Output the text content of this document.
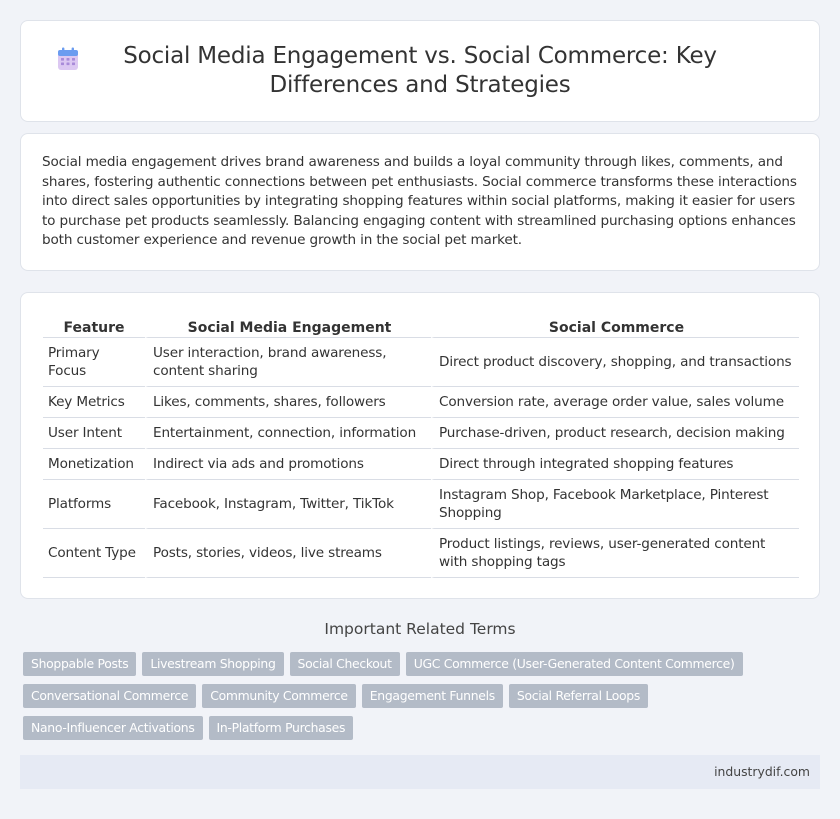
Social Media Engagement vs. Social Commerce: Key Differences and Strategies

Social media engagement drives brand awareness and builds a loyal community through likes, comments, and shares, fostering authentic connections between pet enthusiasts. Social commerce transforms these interactions into direct sales opportunities by integrating shopping features within social platforms, making it easier for users to purchase pet products seamlessly. Balancing engaging content with streamlined purchasing options enhances both customer experience and revenue growth in the social pet market.

Feature	Social Media Engagement	Social Commerce
Primary Focus	User interaction, brand awareness, content sharing	Direct product discovery, shopping, and transactions
Key Metrics	Likes, comments, shares, followers	Conversion rate, average order value, sales volume
User Intent	Entertainment, connection, information	Purchase-driven, product research, decision making
Monetization	Indirect via ads and promotions	Direct through integrated shopping features
Platforms	Facebook, Instagram, Twitter, TikTok	Instagram Shop, Facebook Marketplace, Pinterest Shopping
Content Type	Posts, stories, videos, live streams	Product listings, reviews, user-generated content with shopping tags
Important Related Terms
Shoppable Posts	Livestream Shopping	Social Checkout	UGC Commerce (User-Generated Content Commerce)
Conversational Commerce	Community Commerce	Engagement Funnels	Social Referral Loops
Nano-Influencer Activations	In-Platform Purchases
industrydif.com
